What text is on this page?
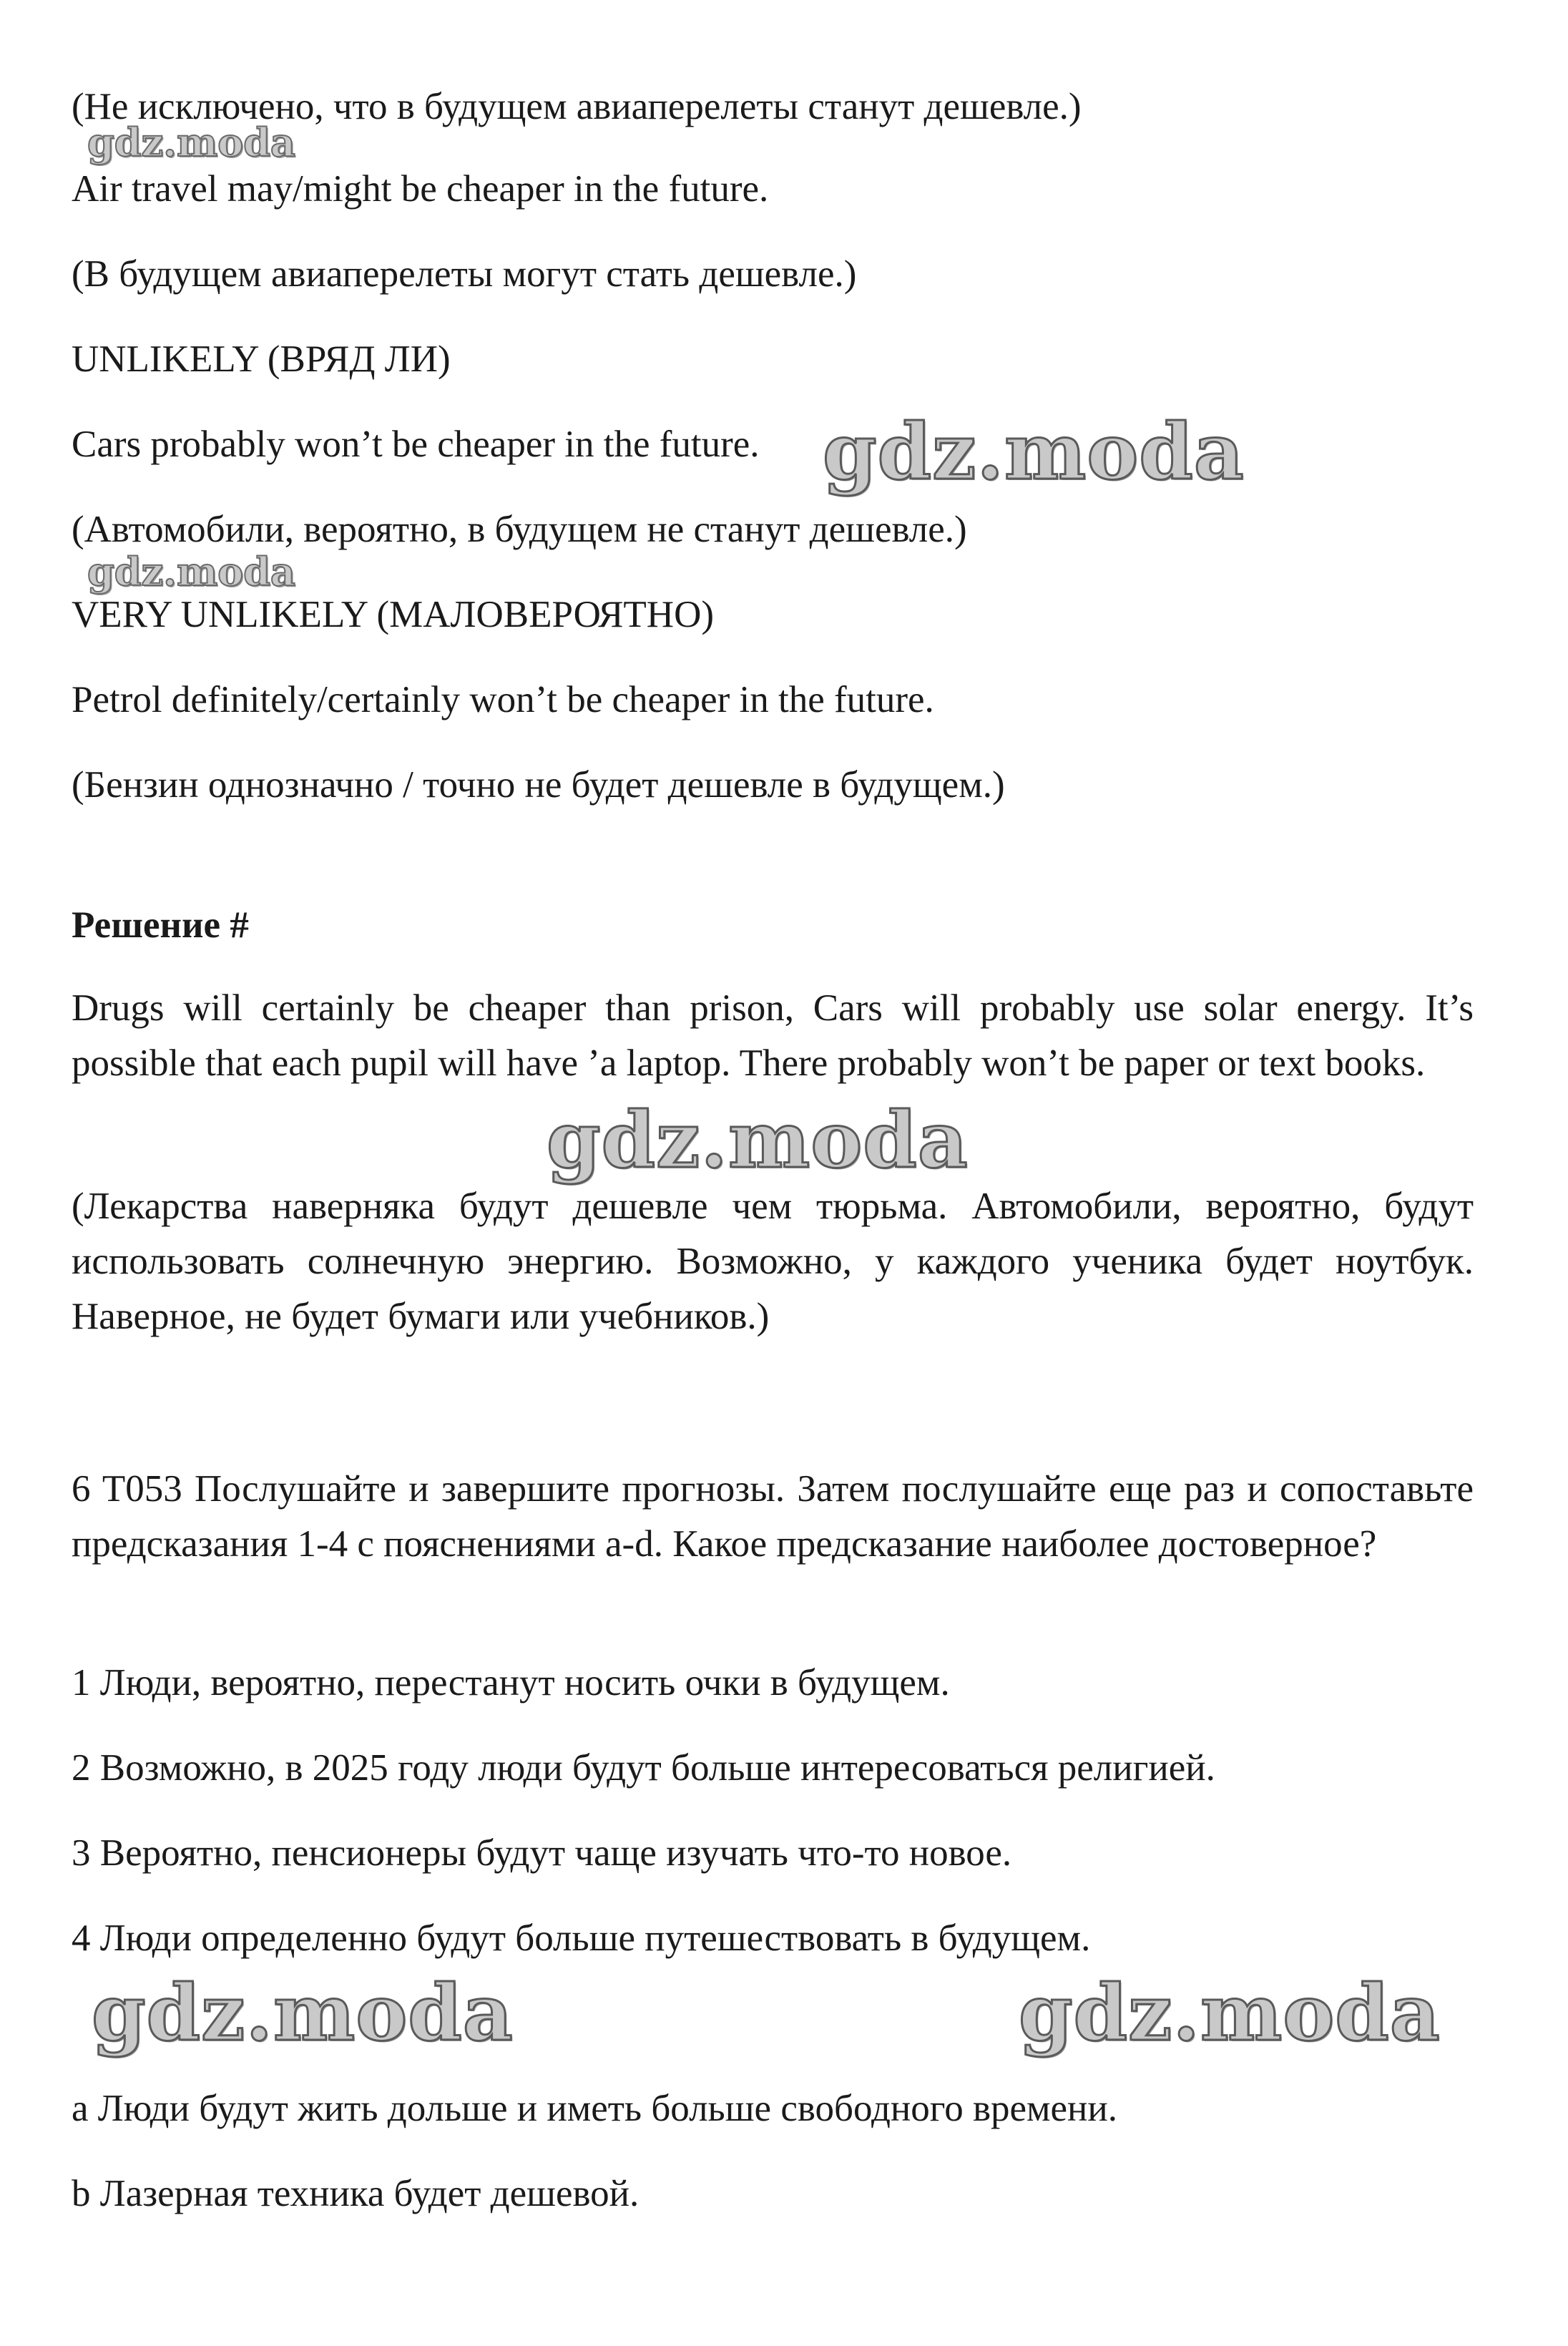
(Не исключено, что в будущем авиаперелеты станут дешевле.)
Air travel may/might be cheaper in the future.
(В будущем авиаперелеты могут стать дешевле.)
UNLIKELY (ВРЯД ЛИ)
Cars probably won’t be cheaper in the future.
(Автомобили, вероятно, в будущем не станут дешевле.)
VERY UNLIKELY (МАЛОВЕРОЯТНО)
Petrol definitely/certainly won’t be cheaper in the future.
(Бензин однозначно / точно не будет дешевле в будущем.)
Решение #
Drugs will certainly be cheaper than prison, Cars will probably use solar energy. It’s possible that each pupil will have ’a laptop. There probably won’t be paper or text books.
(Лекарства наверняка будут дешевле чем тюрьма. Автомобили, вероятно, будут использовать солнечную энергию. Возможно, у каждого ученика будет ноутбук. Наверное, не будет бумаги или учебников.)
6 T053 Послушайте и завершите прогнозы. Затем послушайте еще раз и сопоставьте предсказания 1-4 с пояснениями a-d. Какое предсказание наиболее достоверное?
1 Люди, вероятно, перестанут носить очки в будущем.
2 Возможно, в 2025 году люди будут больше интересоваться религией.
3 Вероятно, пенсионеры будут чаще изучать что-то новое.
4 Люди определенно будут больше путешествовать в будущем.
a Люди будут жить дольше и иметь больше свободного времени.
b Лазерная техника будет дешевой.
gdz.moda
gdz.moda
gdz.moda
gdz.moda
gdz.moda	gdz.moda
